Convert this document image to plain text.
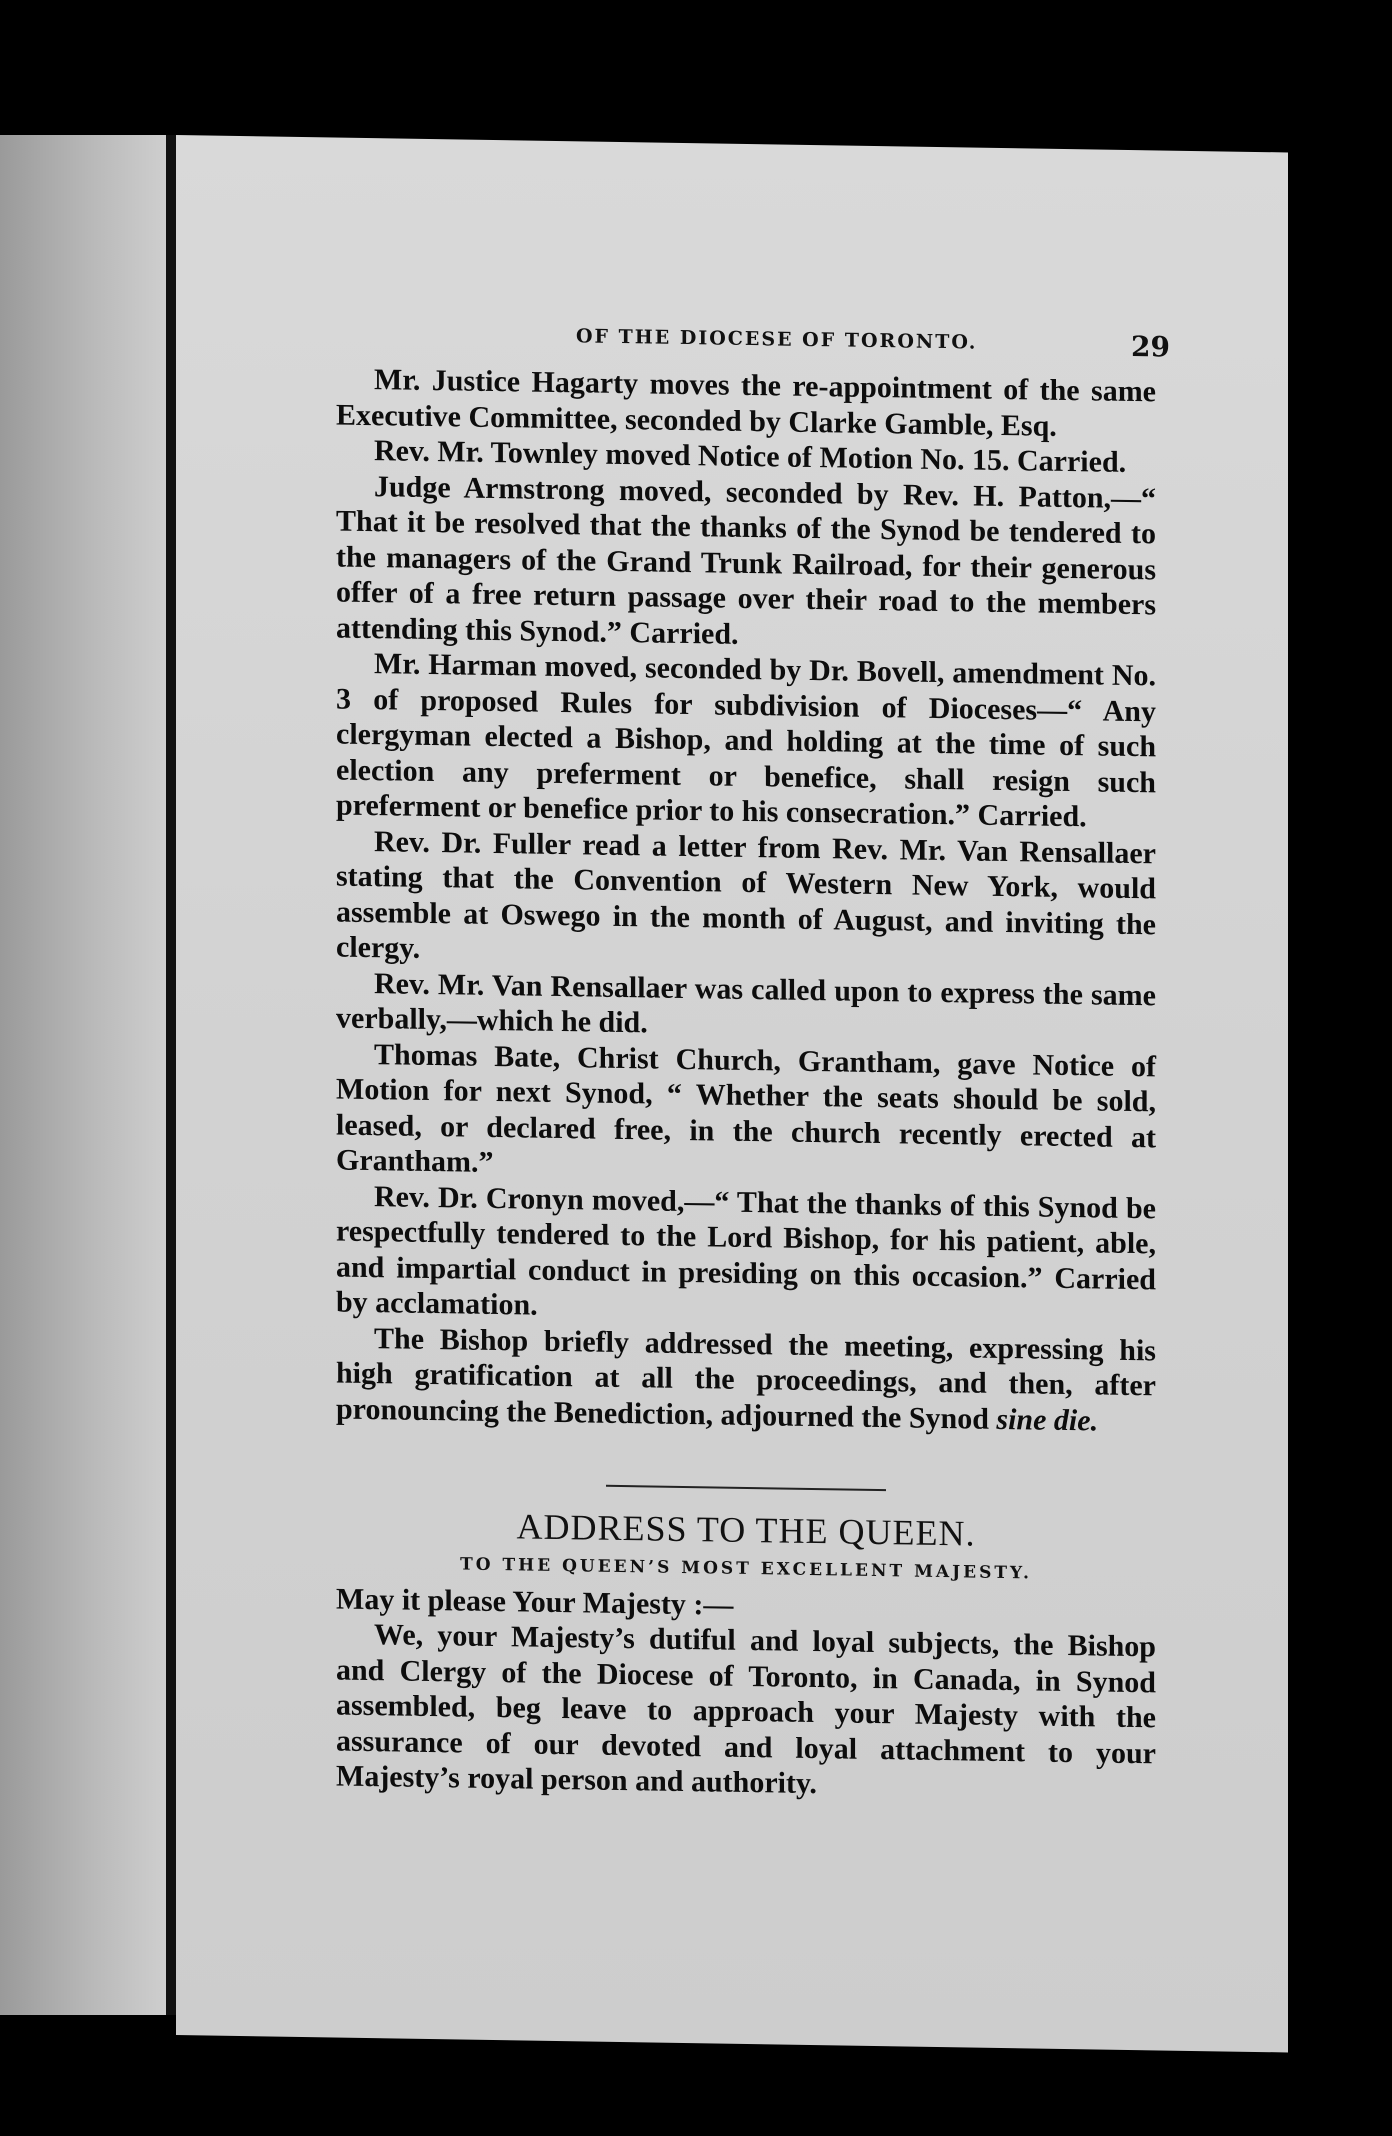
OF THE DIOCESE OF TORONTO.	29

Mr. Justice Hagarty moves the re-appointment of the same Executive Committee, seconded by Clarke Gamble, Esq.

Rev. Mr. Townley moved Notice of Motion No. 15. Carried.

Judge Armstrong moved, seconded by Rev. H. Patton,—“ That it be resolved that the thanks of the Synod be tendered to the managers of the Grand Trunk Railroad, for their generous offer of a free return passage over their road to the members attending this Synod.” Carried.

Mr. Harman moved, seconded by Dr. Bovell, amendment No. 3 of proposed Rules for subdivision of Dioceses—“ Any clergyman elected a Bishop, and holding at the time of such election any preferment or benefice, shall resign such preferment or benefice prior to his consecration.” Carried.

Rev. Dr. Fuller read a letter from Rev. Mr. Van Rensallaer stating that the Convention of Western New York, would assemble at Oswego in the month of August, and inviting the clergy.

Rev. Mr. Van Rensallaer was called upon to express the same verbally,—which he did.

Thomas Bate, Christ Church, Grantham, gave Notice of Motion for next Synod, “ Whether the seats should be sold, leased, or declared free, in the church recently erected at Grantham.”

Rev. Dr. Cronyn moved,—“ That the thanks of this Synod be respectfully tendered to the Lord Bishop, for his patient, able, and impartial conduct in presiding on this occasion.” Carried by acclamation.

The Bishop briefly addressed the meeting, expressing his high gratification at all the proceedings, and then, after pronouncing the Benediction, adjourned the Synod sine die.

ADDRESS TO THE QUEEN.
TO THE QUEEN’S MOST EXCELLENT MAJESTY.

May it please Your Majesty :—

We, your Majesty’s dutiful and loyal subjects, the Bishop and Clergy of the Diocese of Toronto, in Canada, in Synod assembled, beg leave to approach your Majesty with the assurance of our devoted and loyal attachment to your Majesty’s royal person and authority.
